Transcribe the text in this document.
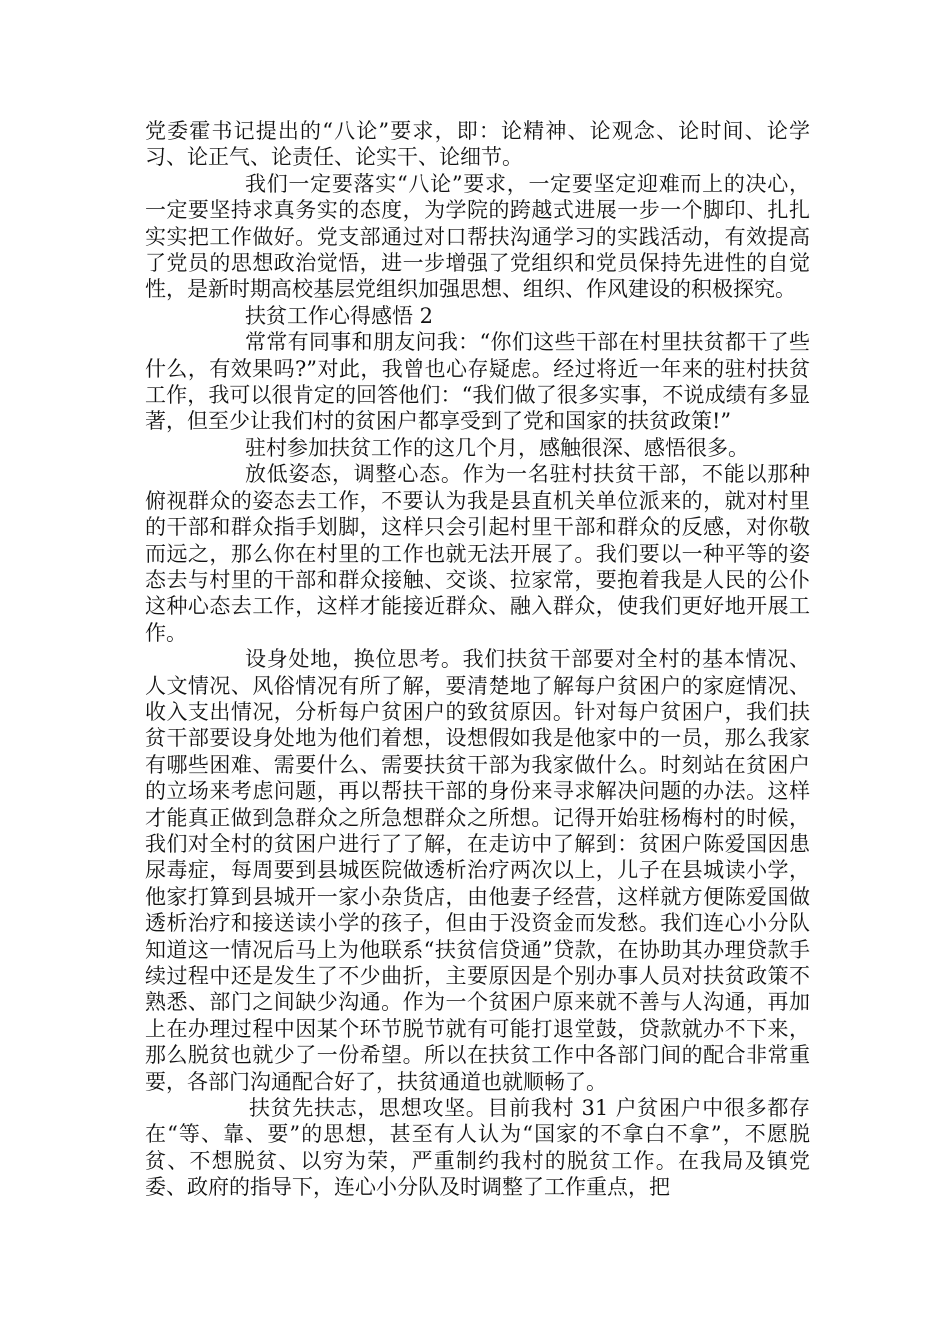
党委霍书记提出的“八论”要求，即：论精神、论观念、论时间、论学习、论正气、论责任、论实干、论细节。

我们一定要落实“八论”要求，一定要坚定迎难而上的决心，一定要坚持求真务实的态度，为学院的跨越式进展一步一个脚印、扎扎实实把工作做好。党支部通过对口帮扶沟通学习的实践活动，有效提高了党员的思想政治觉悟，进一步增强了党组织和党员保持先进性的自觉性，是新时期高校基层党组织加强思想、组织、作风建设的积极探究。

扶贫工作心得感悟 2

常常有同事和朋友问我：“你们这些干部在村里扶贫都干了些什么，有效果吗?”对此，我曾也心存疑虑。经过将近一年来的驻村扶贫工作，我可以很肯定的回答他们：“我们做了很多实事，不说成绩有多显著，但至少让我们村的贫困户都享受到了党和国家的扶贫政策!”

驻村参加扶贫工作的这几个月，感触很深、感悟很多。

放低姿态，调整心态。作为一名驻村扶贫干部，不能以那种俯视群众的姿态去工作，不要认为我是县直机关单位派来的，就对村里的干部和群众指手划脚，这样只会引起村里干部和群众的反感，对你敬而远之，那么你在村里的工作也就无法开展了。我们要以一种平等的姿态去与村里的干部和群众接触、交谈、拉家常，要抱着我是人民的公仆这种心态去工作，这样才能接近群众、融入群众，使我们更好地开展工作。

设身处地，换位思考。我们扶贫干部要对全村的基本情况、人文情况、风俗情况有所了解，要清楚地了解每户贫困户的家庭情况、收入支出情况，分析每户贫困户的致贫原因。针对每户贫困户，我们扶贫干部要设身处地为他们着想，设想假如我是他家中的一员，那么我家有哪些困难、需要什么、需要扶贫干部为我家做什么。时刻站在贫困户的立场来考虑问题，再以帮扶干部的身份来寻求解决问题的办法。这样才能真正做到急群众之所急想群众之所想。记得开始驻杨梅村的时候，我们对全村的贫困户进行了了解，在走访中了解到：贫困户陈爱国因患尿毒症，每周要到县城医院做透析治疗两次以上，儿子在县城读小学，他家打算到县城开一家小杂货店，由他妻子经营，这样就方便陈爱国做透析治疗和接送读小学的孩子，但由于没资金而发愁。我们连心小分队知道这一情况后马上为他联系“扶贫信贷通”贷款，在协助其办理贷款手续过程中还是发生了不少曲折，主要原因是个别办事人员对扶贫政策不熟悉、部门之间缺少沟通。作为一个贫困户原来就不善与人沟通，再加上在办理过程中因某个环节脱节就有可能打退堂鼓，贷款就办不下来，那么脱贫也就少了一份希望。所以在扶贫工作中各部门间的配合非常重要，各部门沟通配合好了，扶贫通道也就顺畅了。

扶贫先扶志，思想攻坚。目前我村 31 户贫困户中很多都存在“等、靠、要”的思想，甚至有人认为“国家的不拿白不拿”，不愿脱贫、不想脱贫、以穷为荣，严重制约我村的脱贫工作。在我局及镇党委、政府的指导下，连心小分队及时调整了工作重点，把
